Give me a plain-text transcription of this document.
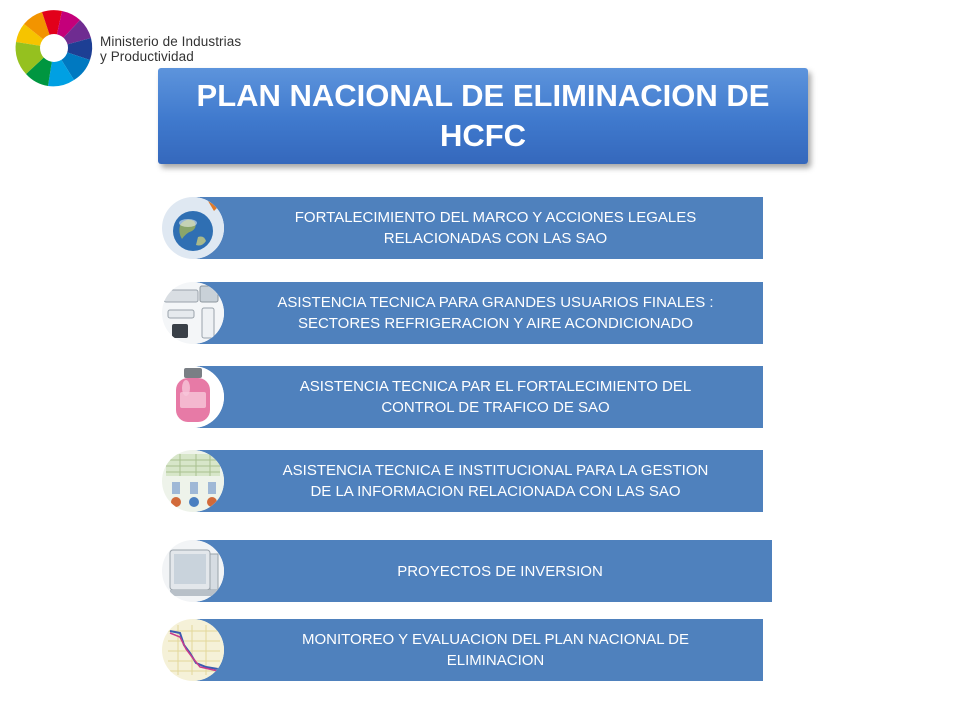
Ministerio de Industrias
y Productividad
PLAN NACIONAL DE ELIMINACION DE
HCFC
FORTALECIMIENTO DEL MARCO Y ACCIONES LEGALES
RELACIONADAS CON LAS SAO
ASISTENCIA TECNICA PARA GRANDES USUARIOS FINALES :
SECTORES REFRIGERACION Y AIRE ACONDICIONADO
ASISTENCIA TECNICA PAR EL FORTALECIMIENTO DEL
CONTROL DE TRAFICO DE SAO
ASISTENCIA TECNICA E INSTITUCIONAL PARA LA GESTION
DE LA INFORMACION RELACIONADA CON LAS SAO
PROYECTOS DE INVERSION
MONITOREO Y EVALUACION DEL PLAN NACIONAL DE
ELIMINACION
